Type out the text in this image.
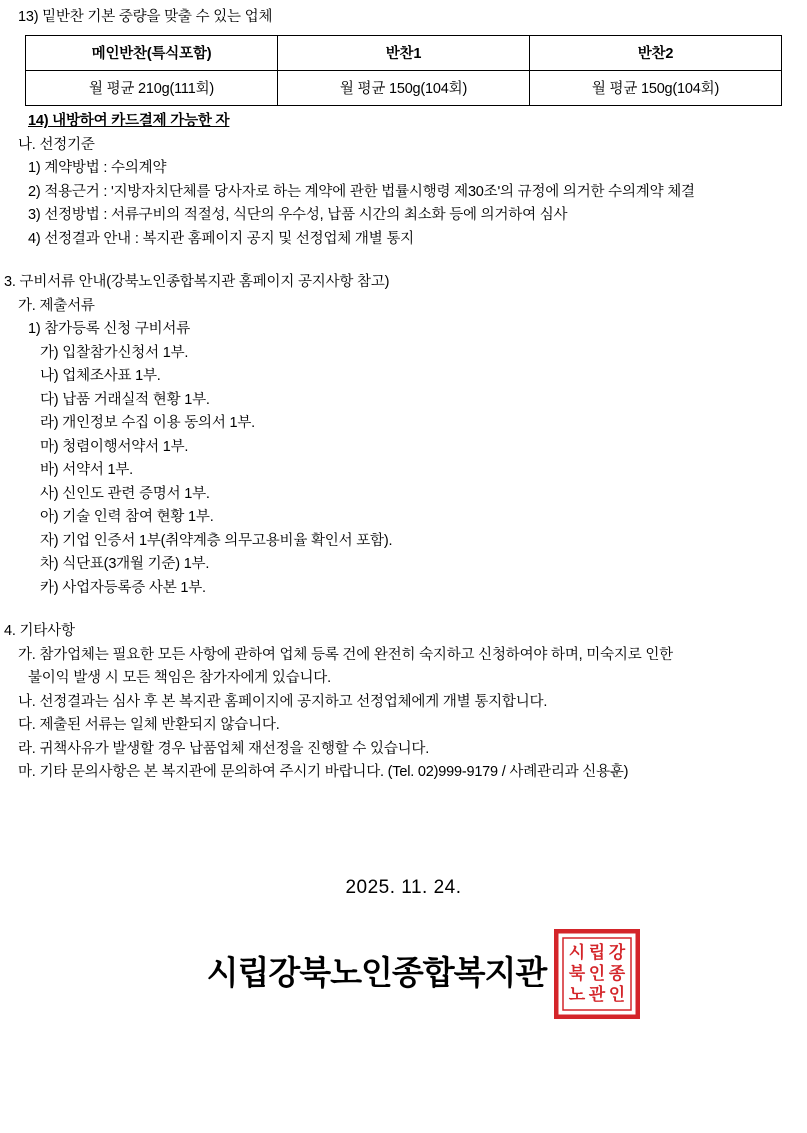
13) 밑반찬 기본 중량을 맞출 수 있는 업체
메인반찬(특식포함)	반찬1	반찬2
월 평균 210g(111회)	월 평균 150g(104회)	월 평균 150g(104회)
14) 내방하여 카드결제 가능한 자
나. 선정기준
1) 계약방법 : 수의계약
2) 적용근거 : '지방자치단체를 당사자로 하는 계약에 관한 법률시행령 제30조'의 규정에 의거한 수의계약 체결
3) 선정방법 : 서류구비의 적절성, 식단의 우수성, 납품 시간의 최소화 등에 의거하여 심사
4) 선정결과 안내 : 복지관 홈페이지 공지 및 선정업체 개별 통지
3. 구비서류 안내(강북노인종합복지관 홈페이지 공지사항 참고)
가. 제출서류
1) 참가등록 신청 구비서류
가) 입찰참가신청서 1부.
나) 업체조사표 1부.
다) 납품 거래실적 현황 1부.
라) 개인정보 수집 이용 동의서 1부.
마) 청렴이행서약서 1부.
바) 서약서 1부.
사) 신인도 관련 증명서 1부.
아) 기술 인력 참여 현황 1부.
자) 기업 인증서 1부(취약계층 의무고용비율 확인서 포함).
차) 식단표(3개월 기준) 1부.
카) 사업자등록증 사본 1부.
4. 기타사항
가. 참가업체는 필요한 모든 사항에 관하여 업체 등록 건에 완전히 숙지하고 신청하여야 하며, 미숙지로 인한
불이익 발생 시 모든 책임은 참가자에게 있습니다.
나. 선정결과는 심사 후 본 복지관 홈페이지에 공지하고 선정업체에게 개별 통지합니다.
다. 제출된 서류는 일체 반환되지 않습니다.
라. 귀책사유가 발생할 경우 납품업체 재선정을 진행할 수 있습니다.
마. 기타 문의사항은 본 복지관에 문의하여 주시기 바랍니다. (Tel. 02)999-9179 / 사례관리과 신용훈)
2025. 11. 24.
시립강북노인종합복지관
시 립 강
북 인 종
노 관 인
